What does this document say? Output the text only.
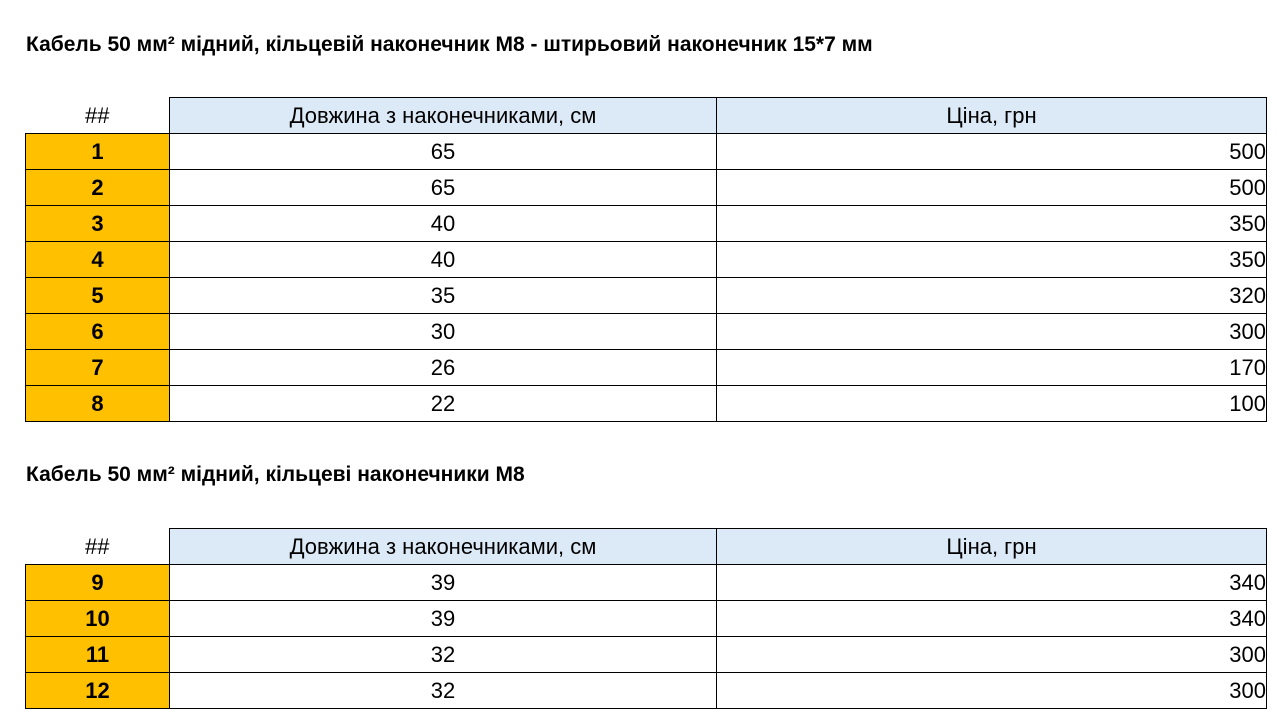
Кабель 50 мм² мідний, кільцевій наконечник М8 - штирьовий наконечник 15*7 мм
##	Довжина з наконечниками, см	Ціна, грн
1	65	500
2	65	500
3	40	350
4	40	350
5	35	320
6	30	300
7	26	170
8	22	100
Кабель 50 мм² мідний, кільцеві наконечники М8
##	Довжина з наконечниками, см	Ціна, грн
9	39	340
10	39	340
11	32	300
12	32	300
